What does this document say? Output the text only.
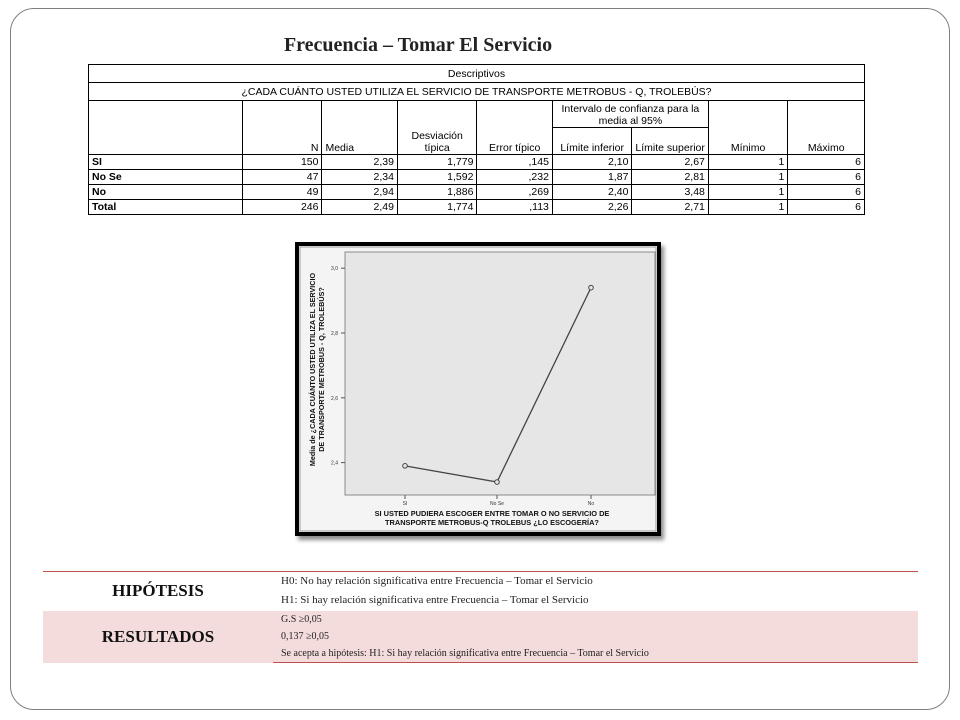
Frecuencia – Tomar El Servicio
Descriptivos								
¿CADA CUÁNTO USTED UTILIZA EL SERVICIO DE TRANSPORTE METROBUS - Q, TROLEBÚS?								
	N	Media	Desviación típica	Error típico	Intervalo de confianza para la media al 95%		Mínimo	Máximo
					Límite inferior	Límite superior		
SI	150	2,39	1,779	,145	2,10	2,67	1	6
No Se	47	2,34	1,592	,232	1,87	2,81	1	6
No	49	2,94	1,886	,269	2,40	3,48	1	6
Total	246	2,49	1,774	,113	2,26	2,71	1	6
2,4
2,6
2,8
3,0
SI	No Se	No
SI USTED PUDIERA ESCOGER ENTRE TOMAR O NO SERVICIO DE
TRANSPORTE METROBUS-Q TROLEBUS ¿LO ESCOGERÍA?
Media de ¿CADA CUÁNTO USTED UTILIZA EL SERVICIO DE TRANSPORTE METROBUS - Q, TROLEBÚS?
HIPÓTESIS	H0: No hay relación significativa entre Frecuencia – Tomar el Servicio
	H1: Si hay relación significativa entre Frecuencia – Tomar el Servicio
RESULTADOS	G.S ≥0,05
	0,137 ≥0,05
	Se acepta a hipótesis: H1: Si hay relación significativa entre Frecuencia – Tomar el Servicio
